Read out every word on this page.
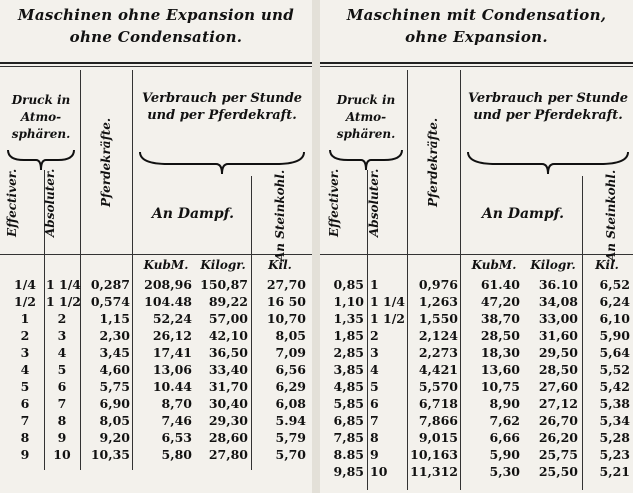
Maschinen ohne Expansion und
ohne Condensation.
Druck in Atmo-sphären.
Effectiver. Absoluter.	Pferdekräfte.
Verbrauch per Stunde und per Pferdekraft.
An Dampf.	An Steinkohl.
KubM. Kilogr.	Kil.
1/4 1 1/4 0,287	208,96 150,87	27,70
1/2 1 1/2 0,574	104.48	89,22	16 50
1	2	1,15	52,24	57,00	10,70
2	3	2,30	26,12	42,10	8,05
3	4	3,45	17,41	36,50	7,09
4	5	4,60	13,06	33,40	6,56
5	6	5,75	10.44	31,70	6,29
6	7	6,90	8,70	30,40	6,08
7	8	8,05	7,46	29,30	5.94
8	9	9,20	6,53	28,60	5,79
9	10	10,35	5,80	27,80	5,70
Maschinen mit Condensation,
ohne Expansion.
Druck in Atmo-sphären.
Effectiver. Absoluter.	Pferdekräfte.
Verbrauch per Stunde und per Pferdekraft.
An Dampf.	An Steinkohl.
KubM.	Kilogr.	Kil.
0,85 1	0,976	61.40	36.10	6,52
1,10 1 1/4	1,263	47,20	34,08	6,24
1,35 1 1/2	1,550	38,70	33,00	6,10
1,85 2	2,124	28,50	31,60	5,90
2,85 3	2,273	18,30	29,50	5,64
3,85 4	4,421	13,60	28,50	5,52
4,85 5	5,570	10,75	27,60	5,42
5,85 6	6,718	8,90	27,12	5,38
6,85 7	7,866	7,62	26,70	5,34
7,85 8	9,015	6,66	26,20	5,28
8.85 9	10,163	5,90	25,75	5,23
9,85 10	11,312	5,30	25,50	5,21
